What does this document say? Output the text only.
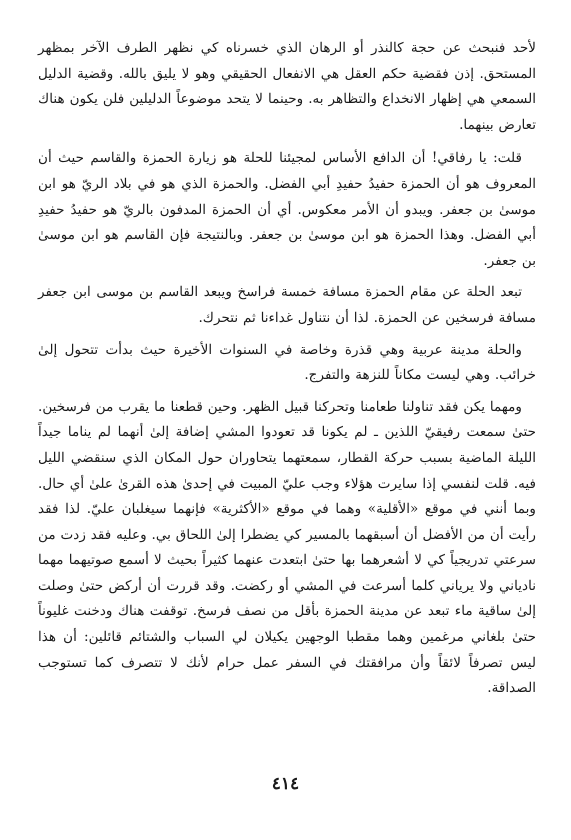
لأحد فنبحث عن حجة كالنذر أو الرهان الذي خسرناه كي نظهر الطرف الآخر بمظهر المستحق. إذن فقضية حكم العقل هي الانفعال الحقيقي وهو لا يليق بالله. وقضية الدليل السمعي هي إظهار الانخداع والتظاهر به. وحينما لا يتحد موضوعاً الدليلين فلن يكون هناك تعارض بينهما.

قلت: يا رفاقي! أن الدافع الأساس لمجيئنا للحلة هو زيارة الحمزة والقاسم حيث أن المعروف هو أن الحمزة حفيدُ حفيدِ أبي الفضل. والحمزة الذي هو في بلاد الريّ هو ابن موسىٰ بن جعفر. ويبدو أن الأمر معكوس. أي أن الحمزة المدفون بالريّ هو حفيدُ حفيدِ أبي الفضل. وهذا الحمزة هو ابن موسىٰ بن جعفر. وبالنتيجة فإن القاسم هو ابن موسىٰ بن جعفر.

تبعد الحلة عن مقام الحمزة مسافة خمسة فراسخ ويبعد القاسم بن موسى ابن جعفر مسافة فرسخين عن الحمزة. لذا أن نتناول غداءنا ثم نتحرك.

والحلة مدينة عربية وهي قذرة وخاصة في السنوات الأخيرة حيث بدأت تتحول إلىٰ خرائب. وهي ليست مكاناً للنزهة والتفرج.

ومهما يكن فقد تناولنا طعامنا وتحركنا قبيل الظهر. وحين قطعنا ما يقرب من فرسخين. حتىٰ سمعت رفيقيّ اللذين ـ لم يكونا قد تعودوا المشي إضافة إلىٰ أنهما لم يناما جيداً الليلة الماضية بسبب حركة القطار، سمعتهما يتحاوران حول المكان الذي سنقضي الليل فيه. قلت لنفسي إذا سايرت هؤلاء وجب عليّ المبيت في إحدىٰ هذه القرىٰ علىٰ أي حال. وبما أنني في موقع «الأقلية» وهما في موقع «الأكثرية» فإنهما سيغلبان عليّ. لذا فقد رأيت أن من الأفضل أن أسبقهما بالمسير كي يضطرا إلىٰ اللحاق بي. وعليه فقد زدت من سرعتي تدريجياً كي لا أشعرهما بها حتىٰ ابتعدت عنهما كثيراً بحيث لا أسمع صوتيهما مهما نادياني ولا يرياني كلما أسرعت في المشي أو ركضت. وقد قررت أن أركض حتىٰ وصلت إلىٰ ساقية ماء تبعد عن مدينة الحمزة بأقل من نصف فرسخ. توقفت هناك ودخنت غليوناً حتىٰ بلغاني مرغمين وهما مقطبا الوجهين يكيلان لي السباب والشتائم قائلين: أن هذا ليس تصرفاً لائقاً وأن مرافقتك في السفر عمل حرام لأنك لا تتصرف كما تستوجب الصداقة.

٤١٤
